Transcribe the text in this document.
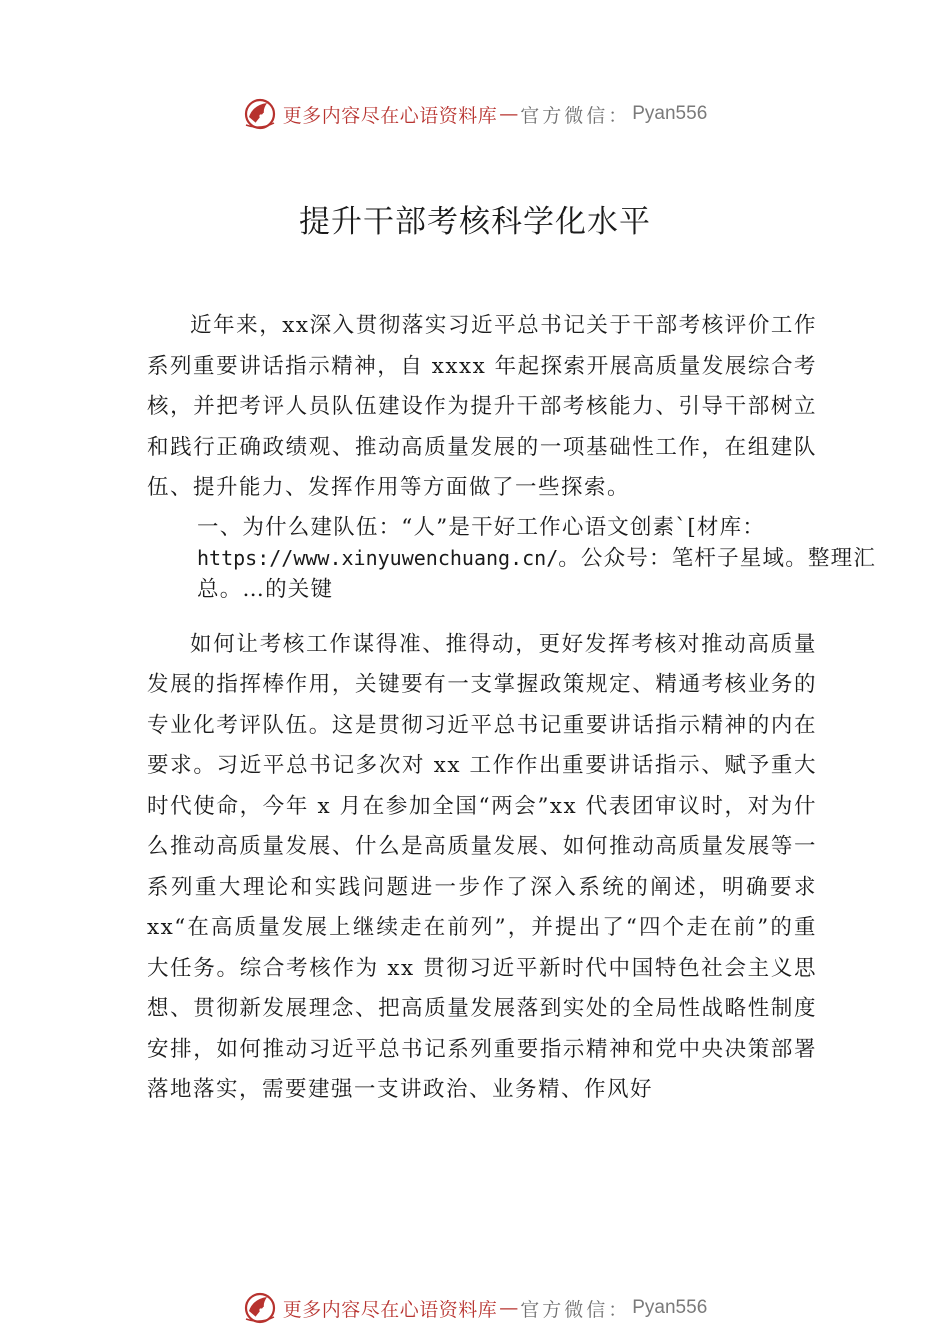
更多内容尽在心语资料库 — 官方微信： Pyan556
提升干部考核科学化水平

近年来，xx深入贯彻落实习近平总书记关于干部考核评价工作系列重要讲话指示精神，自 xxxx 年起探索开展高质量发展综合考核，并把考评人员队伍建设作为提升干部考核能力、引导干部树立和践行正确政绩观、推动高质量发展的一项基础性工作，在组建队伍、提升能力、发挥作用等方面做了一些探索。

一、为什么建队伍：“人”是干好工作心语文创素`[材库：https://www.xinyuwenchuang.cn/。公众号：笔杆子星域。整理汇总。…的关键

如何让考核工作谋得准、推得动，更好发挥考核对推动高质量发展的指挥棒作用，关键要有一支掌握政策规定、精通考核业务的专业化考评队伍。这是贯彻习近平总书记重要讲话指示精神的内在要求。习近平总书记多次对 xx 工作作出重要讲话指示、赋予重大时代使命，今年 x 月在参加全国“两会”xx 代表团审议时，对为什么推动高质量发展、什么是高质量发展、如何推动高质量发展等一系列重大理论和实践问题进一步作了深入系统的阐述，明确要求 xx“在高质量发展上继续走在前列”，并提出了“四个走在前”的重大任务。综合考核作为 xx 贯彻习近平新时代中国特色社会主义思想、贯彻新发展理念、把高质量发展落到实处的全局性战略性制度安排，如何推动习近平总书记系列重要指示精神和党中央决策部署落地落实，需要建强一支讲政治、业务精、作风好

更多内容尽在心语资料库 — 官方微信： Pyan556
